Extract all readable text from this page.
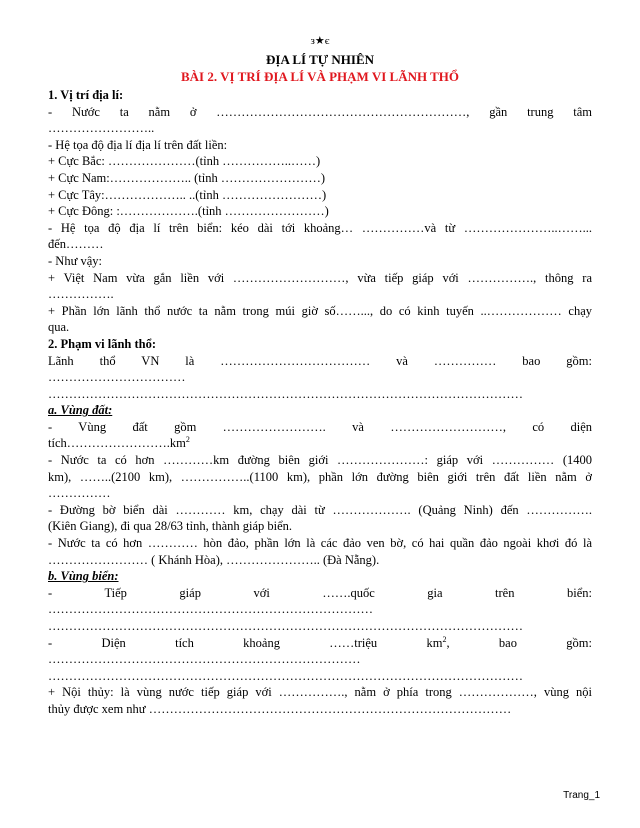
з★є
ĐỊA LÍ TỰ NHIÊN
BÀI 2. VỊ TRÍ ĐỊA LÍ VÀ PHẠM VI LÃNH THỔ
1. Vị trí địa lí:
- Nước ta nằm ở ……………………………………………………, gần trung tâm
……………………..
- Hệ tọa độ địa lí địa lí trên đất liền:
+ Cực Bắc: …………………(tỉnh ……………..……)
+ Cực Nam:……………….. (tỉnh ……………………)
+ Cực Tây:……………….. ..(tỉnh ……………………)
+ Cực Đông: :……………….(tỉnh ……………………)
- Hệ tọa độ địa lí trên biển: kéo dài tới khoảng… ……………và từ …………………..……...
đến………
- Như vậy:
+ Việt Nam vừa gắn liền với ………………………, vừa tiếp giáp với ……………., thông ra
…………….
+ Phần lớn lãnh thổ nước ta nằm trong múi giờ số……..., do có kinh tuyến ..……………… chạy
qua.
2. Phạm vi lãnh thổ:
Lãnh thổ VN là ……………………………… và …………… bao gồm:
……………………………
……………………………………………………………………………………………………
a. Vùng đất:
- Vùng đất gồm ……………………. và ………………………, có diện
$tích\dots\dots\dots\dots\dots\dots\dots\dots.km^2$
- Nước ta có hơn …………km đường biên giới …………………: giáp với …………… (1400
km), ……..(2100 km), ……………..(1100 km), phần lớn đường biên giới trên đất liền nằm ở
……………
- Đường bờ biển dài ………… km, chạy dài từ ………………. (Quảng Ninh) đến …………….
(Kiên Giang), đi qua 28/63 tỉnh, thành giáp biển.
- Nước ta có hơn ………… hòn đảo, phần lớn là các đảo ven bờ, có hai quần đảo ngoài khơi đó là
…………………… ( Khánh Hòa), ………………….. (Đà Nẵng).
b. Vùng biển:
- Tiếp giáp với …….quốc gia trên biển:
……………………………………………………………………
……………………………………………………………………………………………………
- Diện tích khoảng ……triệu $km^2$, bao gồm:
…………………………………………………………………
……………………………………………………………………………………………………
+ Nội thủy: là vùng nước tiếp giáp với ……………., nằm ở phía trong ………………, vùng nội
thủy được xem như ……………………………………………………………………………
Trang_1
